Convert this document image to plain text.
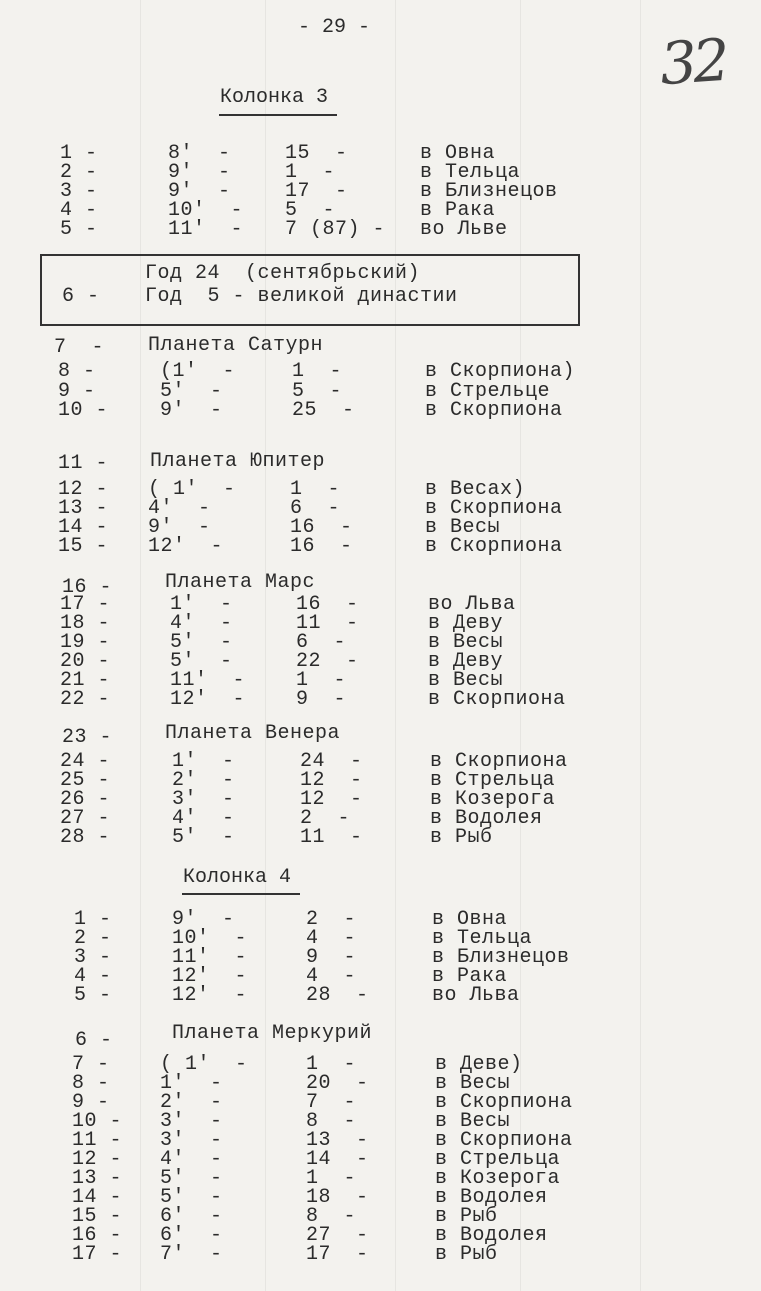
- 29 -	32
Колонка 3
1 -	8'  -	15  -	в Овна
2 -	9'  -	1  -	в Тельца
3 -	9'  -	17  -	в Близнецов
4 -	10'  - 5  -	в Рака
5 -	11'  - 7 (87) - во Льве
Год 24  (сентябрьский)
6 - Год  5 - великой династии
7  - Планета Сатурн
8 -	(1'  -	1  -	в Скорпиона)
9 -	5'  -	5  -	в Стрельце
10 -	9'  -	25  -	в Скорпиона
11 - Планета Юпитер
12 - ( 1'  -	1  -	в Весах)
13 - 4'  -	6  -	в Скорпиона
14 - 9'  -	16  -	в Весы
15 - 12'  -	16  -	в Скорпиона
16 -	Планета Марс
17 -	1'  -	16  -	во Льва
18 -	4'  -	11  -	в Деву
19 -	5'  -	6  -	в Весы
20 -	5'  -	22  -	в Деву
21 -	11'  -	1  -	в Весы
22 -	12'  -	9  -	в Скорпиона
23 -	Планета Венера
24 -	1'  -	24  -	в Скорпиона
25 -	2'  -	12  -	в Стрельца
26 -	3'  -	12  -	в Козерога
27 -	4'  -	2  -	в Водолея
28 -	5'  -	11  -	в Рыб
Колонка 4
1 -	9'  -	2  -	в Овна
2 -	10'  -	4  -	в Тельца
3 -	11'  -	9  -	в Близнецов
4 -	12'  -	4  -	в Рака
5 -	12'  -	28  -	во Льва
6 -	Планета Меркурий
7 -	( 1'  -	1  -	в Деве)
8 -	1'  -	20  -	в Весы
9 -	2'  -	7  -	в Скорпиона
10 - 3'  -	8  -	в Весы
11 - 3'  -	13  -	в Скорпиона
12 - 4'  -	14  -	в Стрельца
13 - 5'  -	1  -	в Козерога
14 - 5'  -	18  -	в Водолея
15 - 6'  -	8  -	в Рыб
16 - 6'  -	27  -	в Водолея
17 - 7'  -	17  -	в Рыб
